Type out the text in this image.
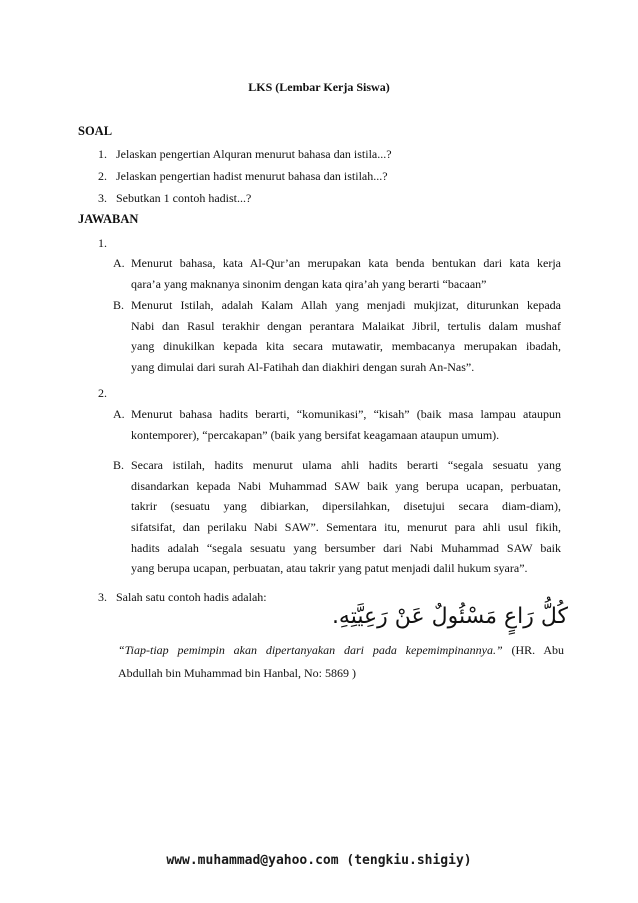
LKS (Lembar Kerja Siswa)
SOAL
1. Jelaskan pengertian Alquran menurut bahasa dan istila...?
2. Jelaskan pengertian hadist menurut bahasa dan istilah...?
3. Sebutkan 1 contoh hadist...?
JAWABAN
1.
A. Menurut bahasa, kata Al-Qur’an merupakan kata benda bentukan dari kata kerja
qara’a yang maknanya sinonim dengan kata qira’ah yang berarti “bacaan”
B. Menurut Istilah, adalah Kalam Allah yang menjadi mukjizat, diturunkan kepada
Nabi dan Rasul terakhir dengan perantara Malaikat Jibril, tertulis dalam mushaf
yang dinukilkan kepada kita secara mutawatir, membacanya merupakan ibadah,
yang dimulai dari surah Al-Fatihah dan diakhiri dengan surah An-Nas”.
2.
A. Menurut bahasa hadits berarti, “komunikasi”, “kisah” (baik masa lampau ataupun
kontemporer), “percakapan” (baik yang bersifat keagamaan ataupun umum).
B. Secara istilah, hadits menurut ulama ahli hadits berarti “segala sesuatu yang
disandarkan kepada Nabi Muhammad SAW baik yang berupa ucapan, perbuatan,
takrir (sesuatu yang dibiarkan, dipersilahkan, disetujui secara diam-diam),
sifatsifat, dan perilaku Nabi SAW”. Sementara itu, menurut para ahli usul fikih,
hadits adalah “segala sesuatu yang bersumber dari Nabi Muhammad SAW baik
yang berupa ucapan, perbuatan, atau takrir yang patut menjadi dalil hukum syara”.
3. Salah satu contoh hadis adalah:
كُلُّ رَاعٍ مَسْئُولٌ عَنْ رَعِيَّتِهِ.
“Tiap-tiap pemimpin akan dipertanyakan dari pada kepemimpinannya.” (HR. Abu
Abdullah bin Muhammad bin Hanbal, No: 5869 )
www.muhammad@yahoo.com (tengkiu.shigiy)
